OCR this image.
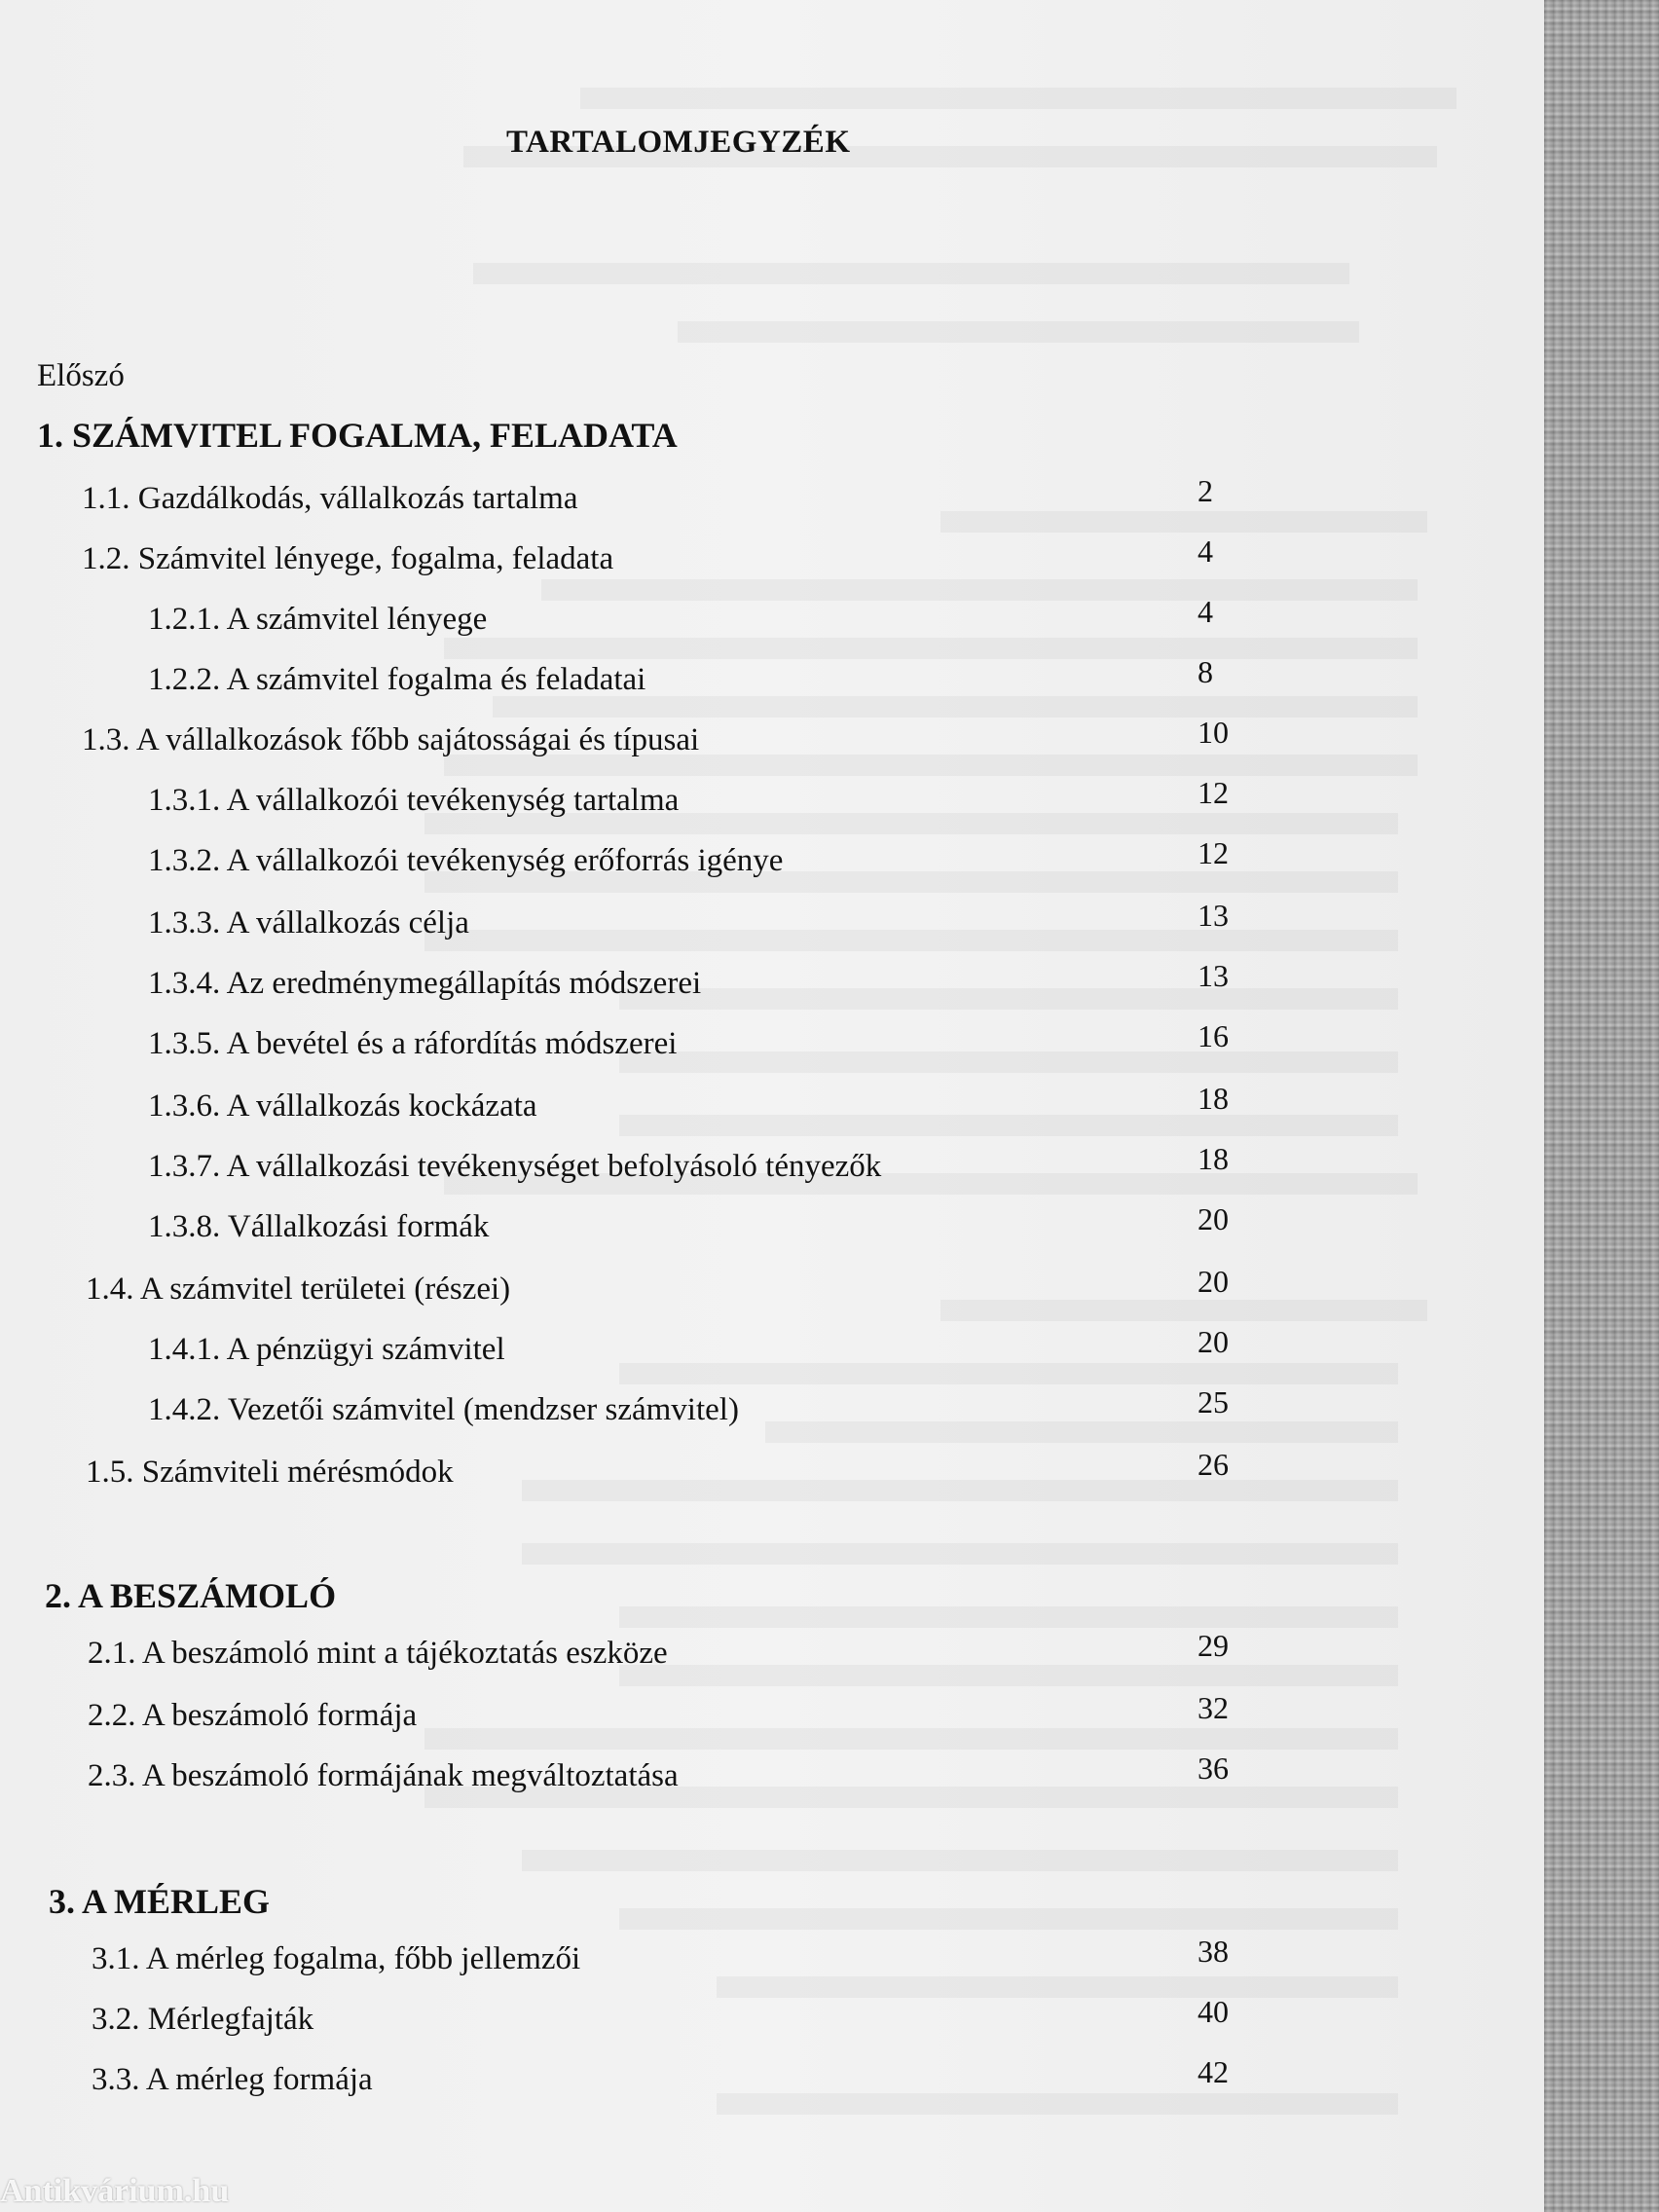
TARTALOMJEGYZÉK
Előszó
1. SZÁMVITEL FOGALMA, FELADATA
1.1. Gazdálkodás, vállalkozás tartalma	2
1.2. Számvitel lényege, fogalma, feladata	4
1.2.1. A számvitel lényege	4
1.2.2. A számvitel fogalma és feladatai	8
1.3. A vállalkozások főbb sajátosságai és típusai	10
1.3.1. A vállalkozói tevékenység tartalma	12
1.3.2. A vállalkozói tevékenység erőforrás igénye	12
1.3.3. A vállalkozás célja	13
1.3.4. Az eredménymegállapítás módszerei	13
1.3.5. A bevétel és a ráfordítás módszerei	16
1.3.6. A vállalkozás kockázata	18
1.3.7. A vállalkozási tevékenységet befolyásoló tényezők	18
1.3.8. Vállalkozási formák	20
1.4. A számvitel területei (részei)	20
1.4.1. A pénzügyi számvitel	20
1.4.2. Vezetői számvitel (mendzser számvitel)	25
1.5. Számviteli mérésmódok	26
2. A BESZÁMOLÓ
2.1. A beszámoló mint a tájékoztatás eszköze	29
2.2. A beszámoló formája	32
2.3. A beszámoló formájának megváltoztatása	36
3. A MÉRLEG
3.1. A mérleg fogalma, főbb jellemzői	38
3.2. Mérlegfajták	40
3.3. A mérleg formája	42
Antikvárium.hu
